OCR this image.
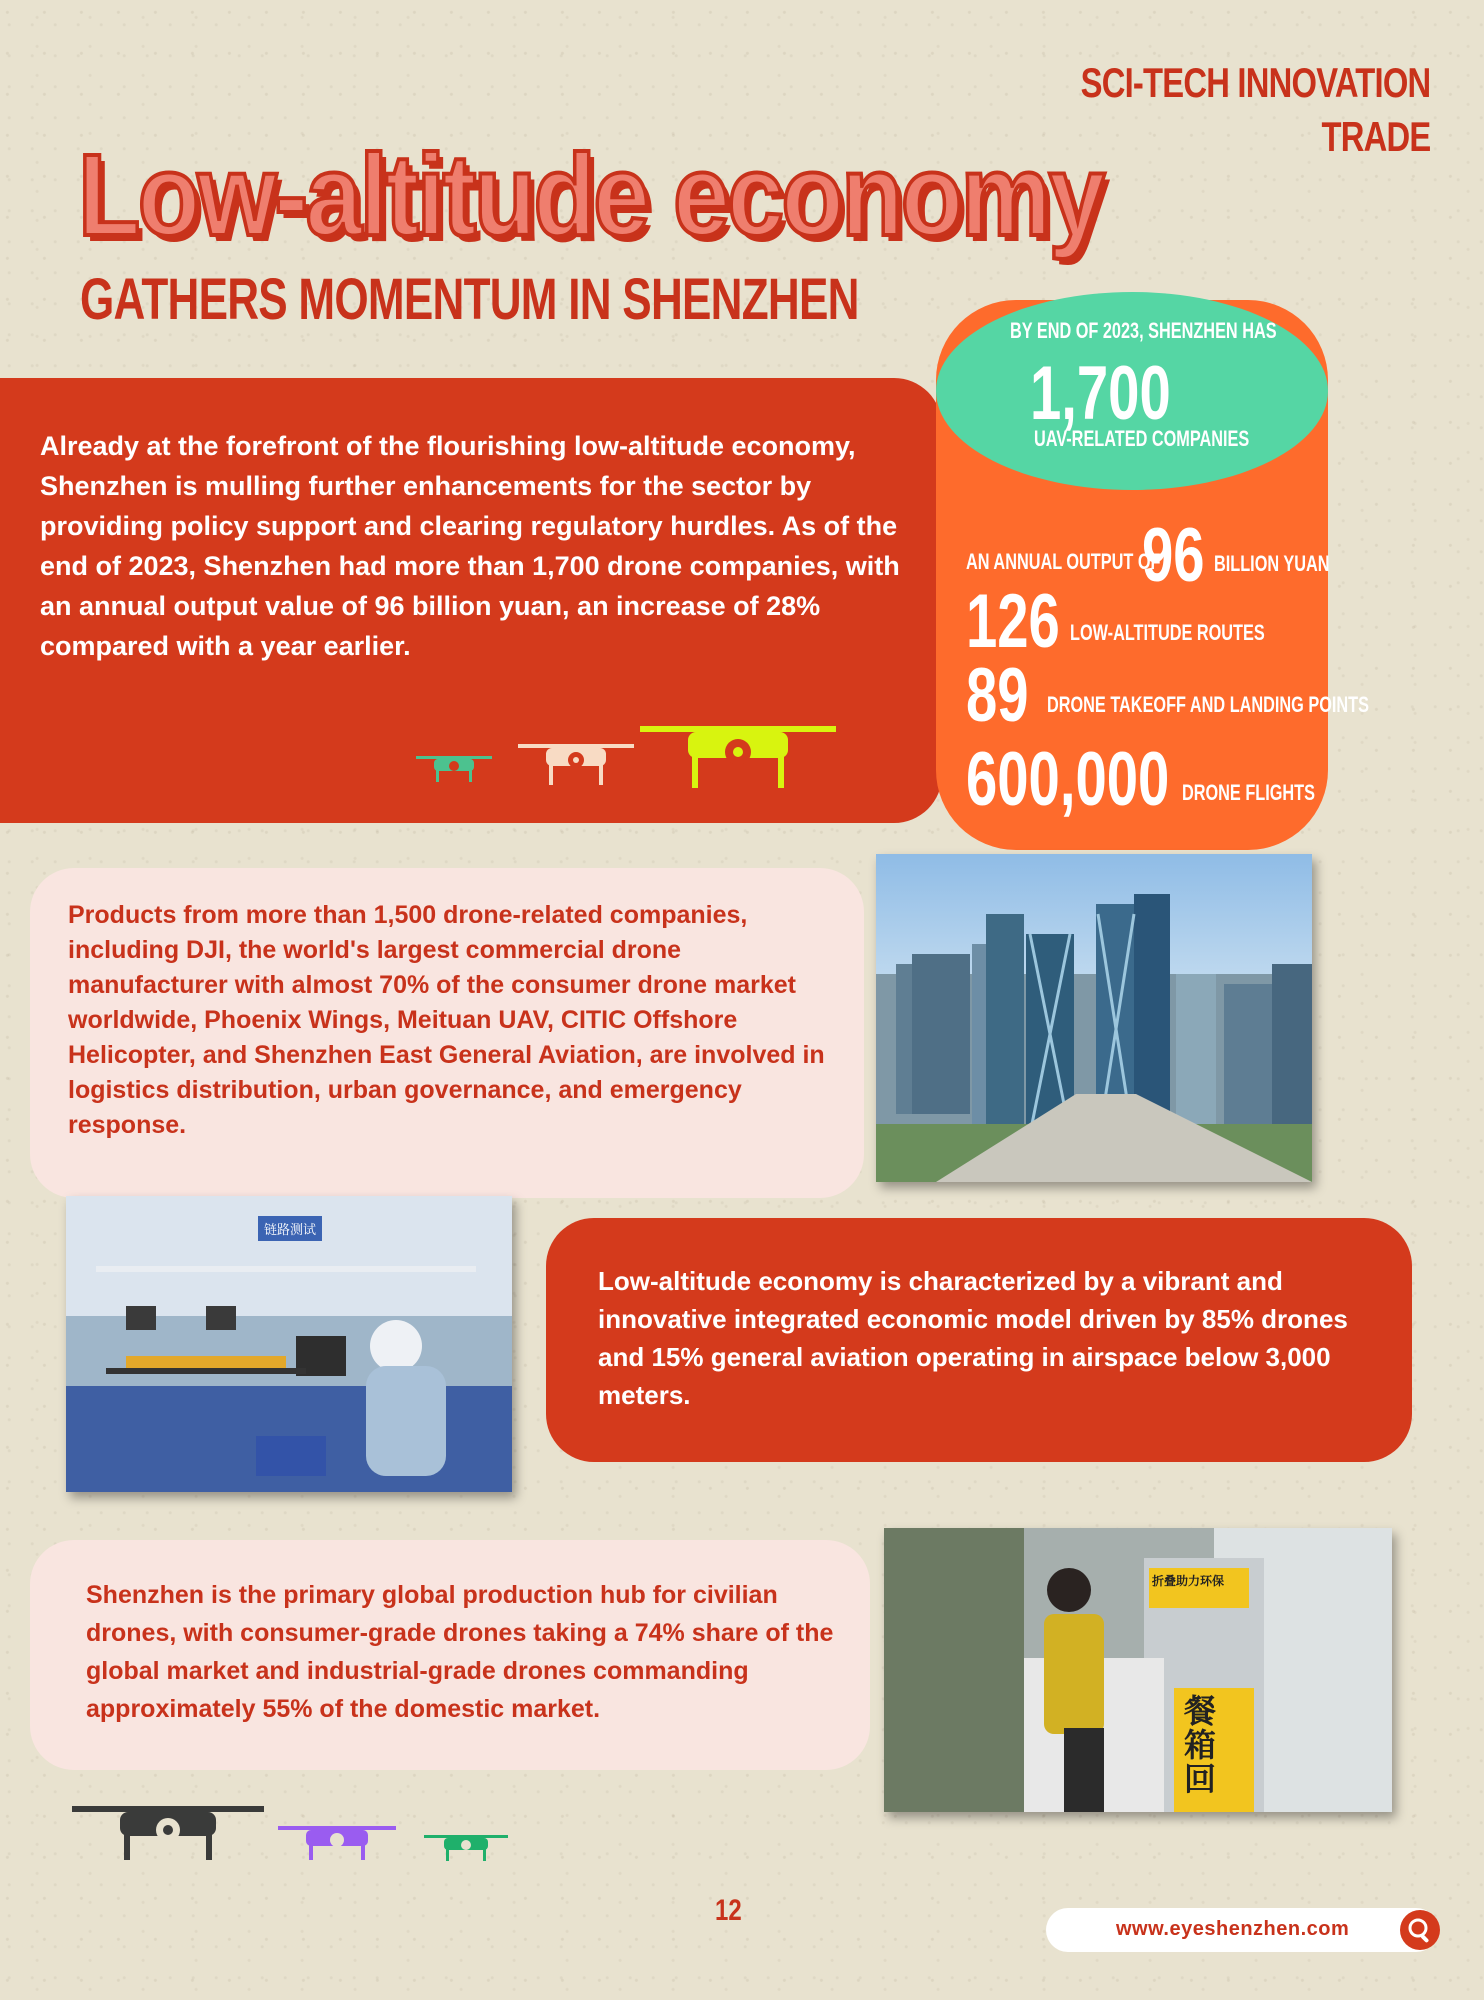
SCI-TECH INNOVATION
TRADE
Low-altitude economy
GATHERS MOMENTUM IN SHENZHEN
Already at the forefront of the flourishing low-altitude economy, Shenzhen is mulling further enhancements for the sector by providing policy support and clearing regulatory hurdles. As of the end of 2023, Shenzhen had more than 1,700 drone companies, with an annual output value of 96 billion yuan, an increase of 28% compared with a year earlier.
BY END OF 2023, SHENZHEN HAS
1,700
UAV-RELATED COMPANIES
AN ANNUAL OUTPUT OF
96 BILLION YUAN
126 LOW-ALTITUDE ROUTES
89 DRONE TAKEOFF AND LANDING POINTS
600,000 DRONE FLIGHTS
Products from more than 1,500 drone-related companies, including DJI, the world's largest commercial drone manufacturer with almost 70% of the consumer drone market worldwide, Phoenix Wings, Meituan UAV, CITIC Offshore Helicopter, and Shenzhen East General Aviation, are involved in logistics distribution, urban governance, and emergency response.
链路测试
Low-altitude economy is characterized by a vibrant and innovative integrated economic model driven by 85% drones and 15% general aviation operating in airspace below 3,000 meters.
Shenzhen is the primary global production hub for civilian drones, with consumer-grade drones taking a 74% share of the global market and industrial-grade drones commanding approximately 55% of the domestic market.
折叠助力环保
餐箱回
12
www.eyeshenzhen.com
